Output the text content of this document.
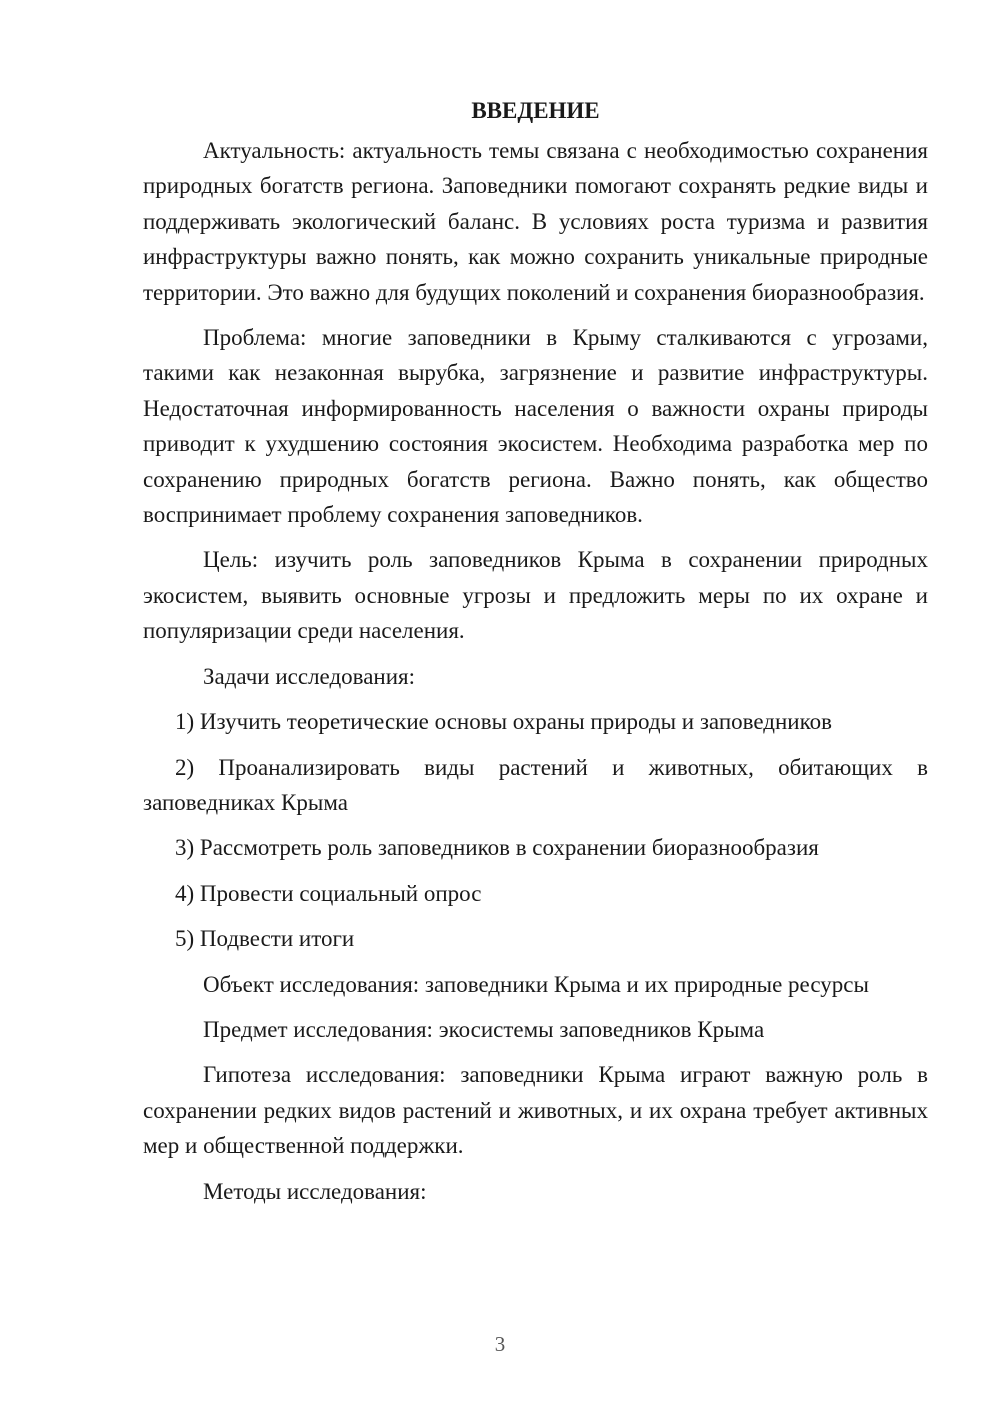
ВВЕДЕНИЕ

Актуальность: актуальность темы связана с необходимостью сохранения природных богатств региона. Заповедники помогают сохранять редкие виды и поддерживать экологический баланс. В условиях роста туризма и развития инфраструктуры важно понять, как можно сохранить уникальные природные территории. Это важно для будущих поколений и сохранения биоразнообразия.

Проблема: многие заповедники в Крыму сталкиваются с угрозами, такими как незаконная вырубка, загрязнение и развитие инфраструктуры. Недостаточная информированность населения о важности охраны природы приводит к ухудшению состояния экосистем. Необходима разработка мер по сохранению природных богатств региона. Важно понять, как общество воспринимает проблему сохранения заповедников.

Цель: изучить роль заповедников Крыма в сохранении природных экосистем, выявить основные угрозы и предложить меры по их охране и популяризации среди населения.

Задачи исследования:

1) Изучить теоретические основы охраны природы и заповедников

2) Проанализировать виды растений и животных, обитающих в заповедниках Крыма

3) Рассмотреть роль заповедников в сохранении биоразнообразия

4) Провести социальный опрос

5) Подвести итоги

Объект исследования: заповедники Крыма и их природные ресурсы

Предмет исследования: экосистемы заповедников Крыма

Гипотеза исследования: заповедники Крыма играют важную роль в сохранении редких видов растений и животных, и их охрана требует активных мер и общественной поддержки.

Методы исследования:

3
